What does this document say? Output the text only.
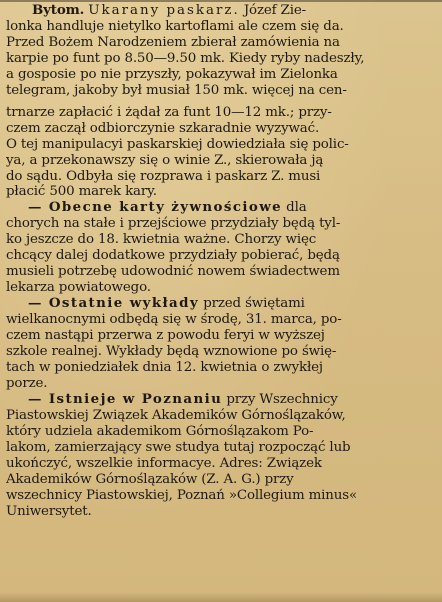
Bytom. Ukarany paskarz. Józef Zie-
lonka handluje nietylko kartoflami ale czem się da.
Przed Bożem Narodzeniem zbierał zamówienia na
karpie po funt po 8.50—9.50 mk. Kiedy ryby nadeszły,
a gosposie po nie przyszły, pokazywał im Zielonka
telegram, jakoby był musiał 150 mk. więcej na cen-
trnarze zapłacić i żądał za funt 10—12 mk.; przy-
czem zaczął odbiorczynie szkaradnie wyzywać.
O tej manipulacyi paskarskiej dowiedziała się polic-
ya, a przekonawszy się o winie Z., skierowała ją
do sądu. Odbyła się rozprawa i paskarz Z. musi
płacić 500 marek kary.
— Obecne karty żywnościowe dla
chorych na stałe i przejściowe przydziały będą tyl-
ko jeszcze do 18. kwietnia ważne. Chorzy więc
chcący dalej dodatkowe przydziały pobierać, będą
musieli potrzebę udowodnić nowem świadectwem
lekarza powiatowego.
— Ostatnie wykłady przed świętami
wielkanocnymi odbędą się w środę, 31. marca, po-
czem nastąpi przerwa z powodu feryi w wyższej
szkole realnej. Wykłady będą wznowione po świę-
tach w poniedziałek dnia 12. kwietnia o zwykłej
porze.
— Istnieje w Poznaniu przy Wszechnicy
Piastowskiej Związek Akademików Górnoślązaków,
który udziela akademikom Górnoślązakom Po-
lakom, zamierzający swe studya tutaj rozpocząć lub
ukończyć, wszelkie informacye. Adres: Związek
Akademików Górnoślązaków (Z. A. G.) przy
wszechnicy Piastowskiej, Poznań »Collegium minus«
Uniwersytet.
